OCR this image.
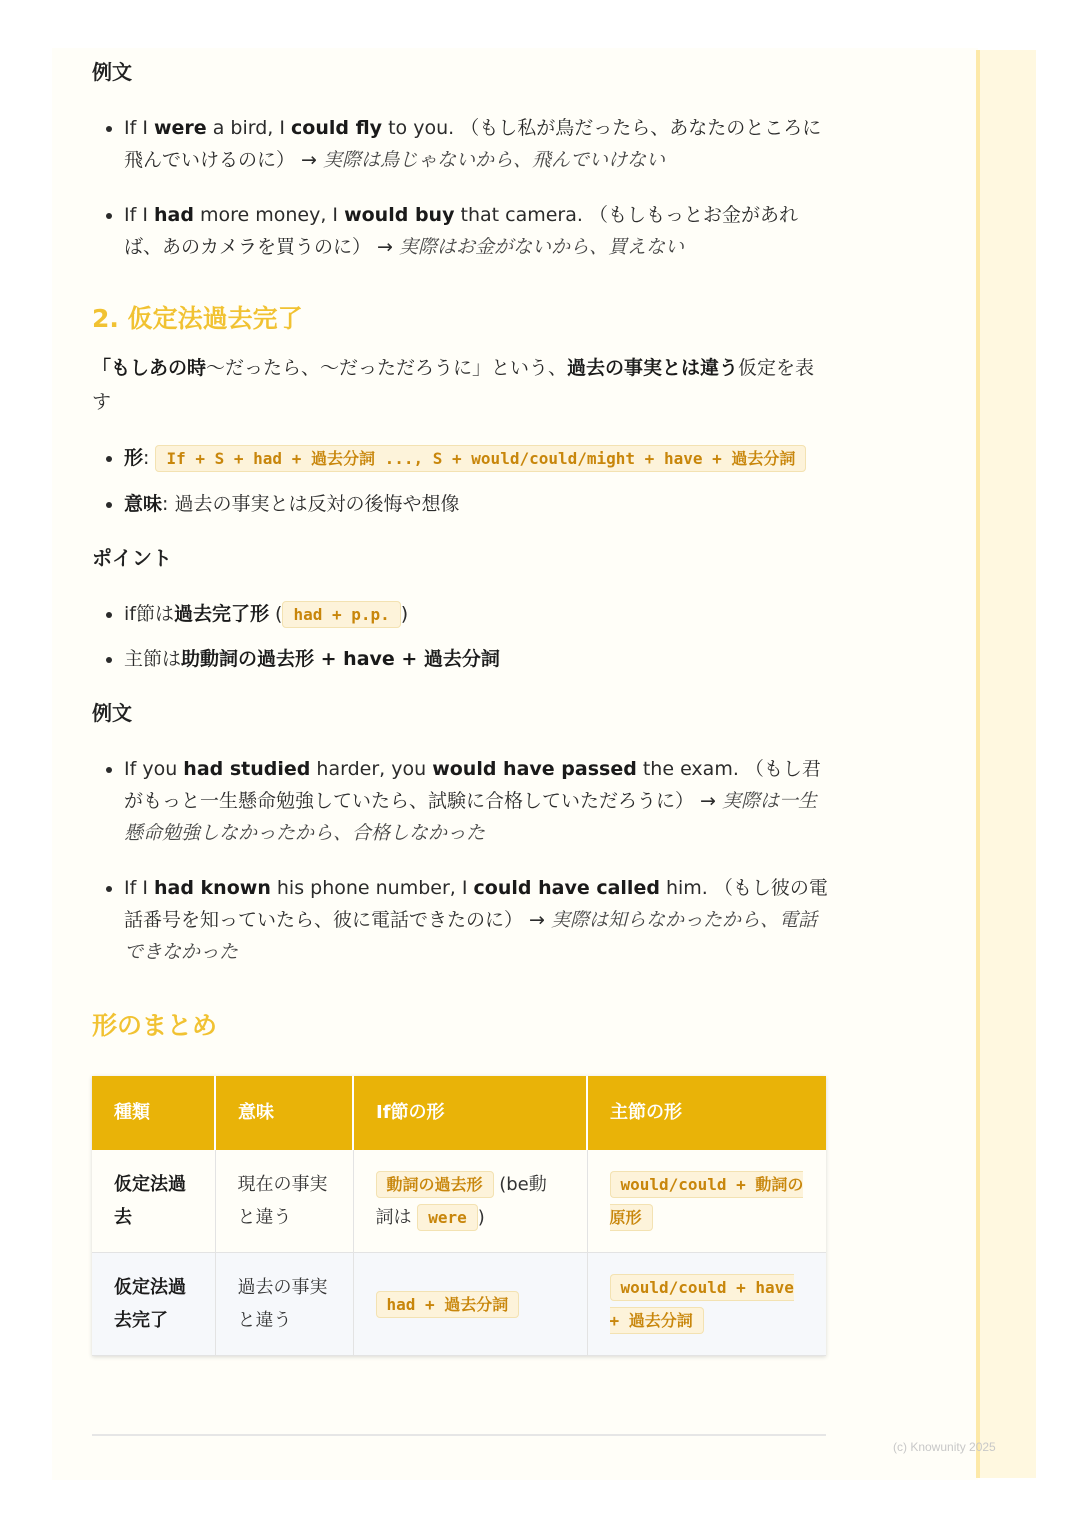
例文
• If I were a bird, I could fly to you. （もし私が鳥だったら、あなたのところに飛んでいけるのに） → 実際は鳥じゃないから、飛んでいけない
• If I had more money, I would buy that camera. （もしもっとお金があれば、あのカメラを買うのに） → 実際はお金がないから、買えない
2. 仮定法過去完了

「もしあの時〜だったら、〜だっただろうに」という、過去の事実とは違う仮定を表す

• 形: If + S + had + 過去分詞 ..., S + would/could/might + have + 過去分詞
• 意味: 過去の事実とは反対の後悔や想像
ポイント
• if節は過去完了形 ( had + p.p. )
• 主節は助動詞の過去形 + have + 過去分詞
例文
• If you had studied harder, you would have passed the exam. （もし君がもっと一生懸命勉強していたら、試験に合格していただろうに） → 実際は一生懸命勉強しなかったから、合格しなかった
• If I had known his phone number, I could have called him. （もし彼の電話番号を知っていたら、彼に電話できたのに） → 実際は知らなかったから、電話できなかった
形のまとめ
種類	意味	If節の形	主節の形
仮定法過去	現在の事実と違う	動詞の過去形 (be動詞は were )	would/could + 動詞の原形
仮定法過去完了	過去の事実と違う	had + 過去分詞	would/could + have + 過去分詞
(c) Knowunity 2025
